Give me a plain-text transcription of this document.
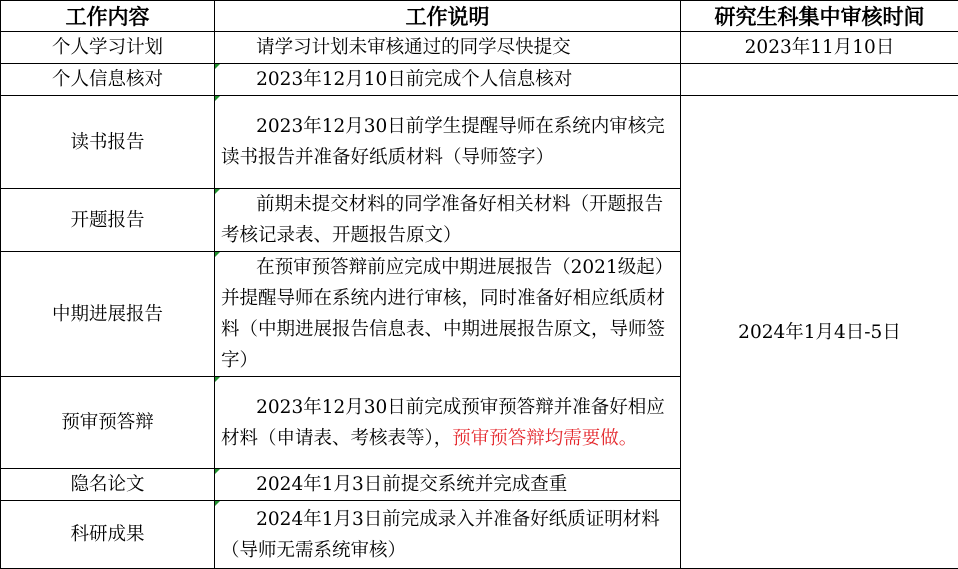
工作内容	工作说明	研究生科集中审核时间
个人学习计划	请学习计划未审核通过的同学尽快提交	2023年11月10日
个人信息核对	2023年12月10日前完成个人信息核对	
读书报告	2023年12月30日前学生提醒导师在系统内审核完读书报告并准备好纸质材料（导师签字）	2024年1月4日-5日
开题报告	前期未提交材料的同学准备好相关材料（开题报告考核记录表、开题报告原文）	
中期进展报告	在预审预答辩前应完成中期进展报告（2021级起）并提醒导师在系统内进行审核，同时准备好相应纸质材料（中期进展报告信息表、中期进展报告原文，导师签字）	
预审预答辩	2023年12月30日前完成预审预答辩并准备好相应材料（申请表、考核表等），预审预答辩均需要做。	
隐名论文	2024年1月3日前提交系统并完成查重	
科研成果	2024年1月3日前完成录入并准备好纸质证明材料（导师无需系统审核）	
